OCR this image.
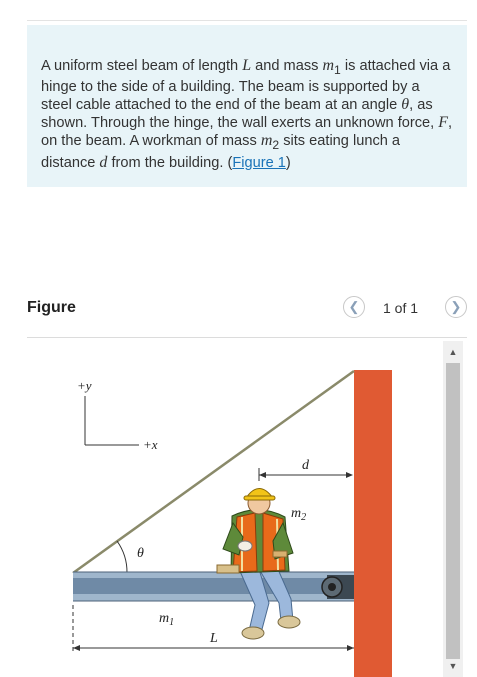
A uniform steel beam of length L and mass $m_1$ is attached via a hinge to the side of a building. The beam is supported by a steel cable attached to the end of the beam at an angle θ, as shown. Through the hinge, the wall exerts an unknown force, F, on the beam. A workman of mass $m_2$ sits eating lunch a distance d from the building. (Figure 1)

Figure	❮	1 of 1	❯
+y
+x
θ
d
$m_2$
$m_1$
L
▲
▼
